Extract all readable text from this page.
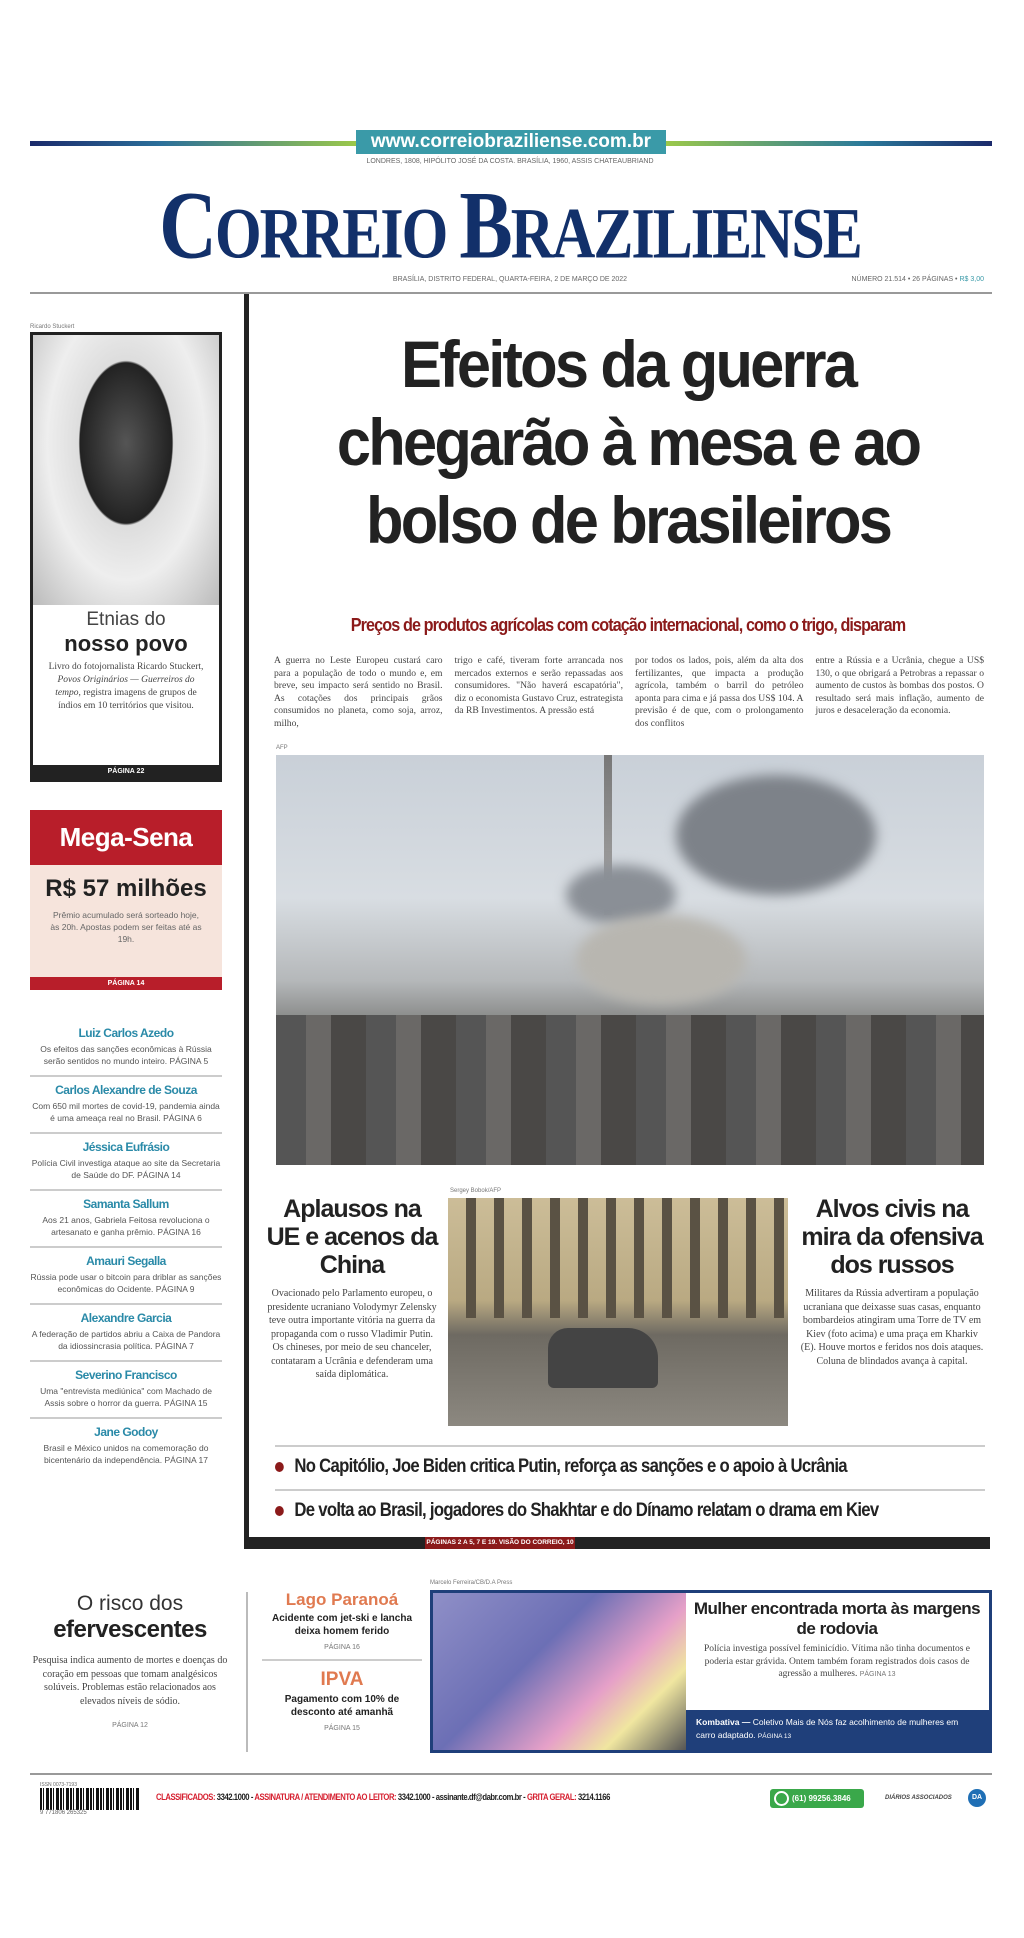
www.correiobraziliense.com.br
LONDRES, 1808, HIPÓLITO JOSÉ DA COSTA. BRASÍLIA, 1960, ASSIS CHATEAUBRIAND
CORREIO BRAZILIENSE
BRASÍLIA, DISTRITO FEDERAL, QUARTA-FEIRA, 2 DE MARÇO DE 2022	NÚMERO 21.514 • 26 PÁGINAS • R$ 3,00
Ricardo Stuckert
Etnias do
nosso povo
Livro do fotojornalista Ricardo Stuckert, Povos Originários — Guerreiros do tempo, registra imagens de grupos de índios em 10 territórios que visitou.
PÁGINA 22
Mega-Sena
R$ 57 milhões
Prêmio acumulado será sorteado hoje, às 20h. Apostas podem ser feitas até as 19h.
PÁGINA 14
Luiz Carlos Azedo
Os efeitos das sanções econômicas à Rússia serão sentidos no mundo inteiro. PÁGINA 5
Carlos Alexandre de Souza
Com 650 mil mortes de covid-19, pandemia ainda é uma ameaça real no Brasil. PÁGINA 6
Jéssica Eufrásio
Polícia Civil investiga ataque ao site da Secretaria de Saúde do DF. PÁGINA 14
Samanta Sallum
Aos 21 anos, Gabriela Feitosa revoluciona o artesanato e ganha prêmio. PÁGINA 16
Amauri Segalla
Rússia pode usar o bitcoin para driblar as sanções econômicas do Ocidente. PÁGINA 9
Alexandre Garcia
A federação de partidos abriu a Caixa de Pandora da idiossincrasia política. PÁGINA 7
Severino Francisco
Uma "entrevista mediúnica" com Machado de Assis sobre o horror da guerra. PÁGINA 15
Jane Godoy
Brasil e México unidos na comemoração do bicentenário da independência. PÁGINA 17
Efeitos da guerra chegarão à mesa e ao bolso de brasileiros
Preços de produtos agrícolas com cotação internacional, como o trigo, disparam

A guerra no Leste Europeu custará caro para a população de todo o mundo e, em breve, seu impacto será sentido no Brasil. As cotações dos principais grãos consumidos no planeta, como soja, arroz, milho,

trigo e café, tiveram forte arrancada nos mercados externos e serão repassadas aos consumidores. "Não haverá escapatória", diz o economista Gustavo Cruz, estrategista da RB Investimentos. A pressão está

por todos os lados, pois, além da alta dos fertilizantes, que impacta a produção agrícola, também o barril do petróleo aponta para cima e já passa dos US$ 104. A previsão é de que, com o prolongamento dos conflitos

entre a Rússia e a Ucrânia, chegue a US$ 130, o que obrigará a Petrobras a repassar o aumento de custos às bombas dos postos. O resultado será mais inflação, aumento de juros e desaceleração da economia.

AFP
Aplausos na UE e acenos da China
Ovacionado pelo Parlamento europeu, o presidente ucraniano Volodymyr Zelensky teve outra importante vitória na guerra da propaganda com o russo Vladimir Putin. Os chineses, por meio de seu chanceler, contataram a Ucrânia e defenderam uma saída diplomática.
Sergey Bobok/AFP
Alvos civis na mira da ofensiva dos russos
Militares da Rússia advertiram a população ucraniana que deixasse suas casas, enquanto bombardeios atingiram uma Torre de TV em Kiev (foto acima) e uma praça em Kharkiv (E). Houve mortos e feridos nos dois ataques. Coluna de blindados avança à capital.
No Capitólio, Joe Biden critica Putin, reforça as sanções e o apoio à Ucrânia
De volta ao Brasil, jogadores do Shakhtar e do Dínamo relatam o drama em Kiev
PÁGINAS 2 A 5, 7 E 19. VISÃO DO CORREIO, 10
O risco dos
efervescentes
Pesquisa indica aumento de mortes e doenças do coração em pessoas que tomam analgésicos solúveis. Problemas estão relacionados aos elevados níveis de sódio.
PÁGINA 12
Lago Paranoá
Acidente com jet-ski e lancha deixa homem ferido
PÁGINA 16
IPVA
Pagamento com 10% de desconto até amanhã
PÁGINA 15
Marcelo Ferreira/CB/D.A Press
Mulher encontrada morta às margens de rodovia
Polícia investiga possível feminicídio. Vítima não tinha documentos e poderia estar grávida. Ontem também foram registrados dois casos de agressão a mulheres. PÁGINA 13
Kombativa — Coletivo Mais de Nós faz acolhimento de mulheres em carro adaptado. PÁGINA 13
ISSN 0073-7193
9 771806 265325
CLASSIFICADOS: 3342.1000 - ASSINATURA / ATENDIMENTO AO LEITOR: 3342.1000 - assinante.df@dabr.com.br - GRITA GERAL: 3214.1166	(61) 99256.3846	DIÁRIOS ASSOCIADOS	DA
